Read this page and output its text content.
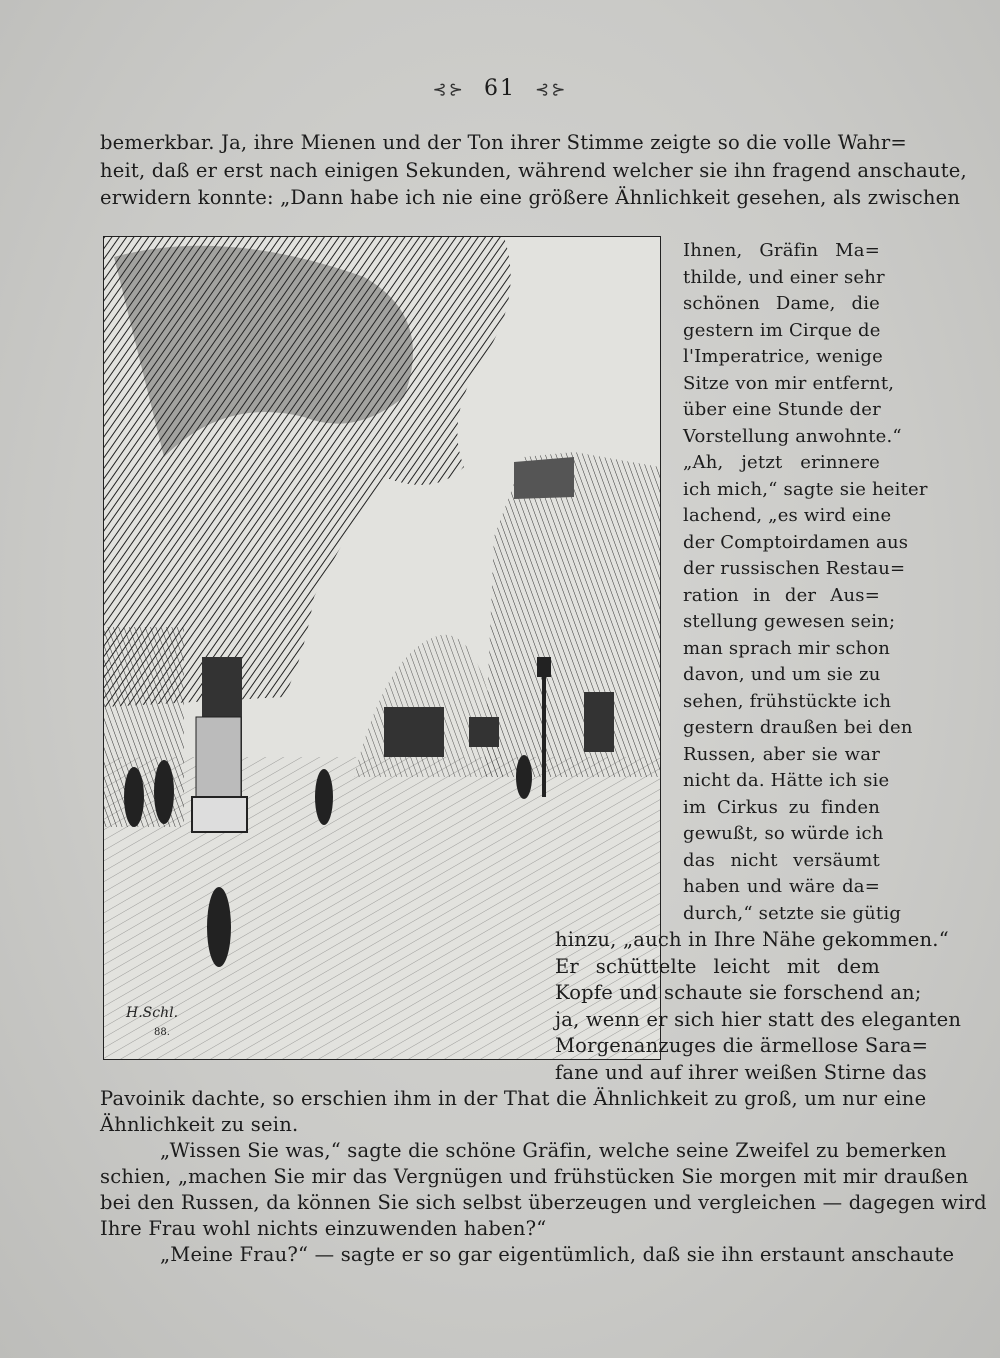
⊰⊱ 61 ⊰⊱
bemerkbar. Ja, ihre Mienen und der Ton ihrer Stimme zeigte so die volle Wahr=
heit, daß er erst nach einigen Sekunden, während welcher sie ihn fragend anschaute,
erwidern konnte: „Dann habe ich nie eine größere Ähnlichkeit gesehen, als zwischen
H.Schl.
88.
Ihnen, Gräfin Ma=
thilde, und einer sehr
schönen Dame, die
gestern im Cirque de
l'Imperatrice, wenige
Sitze von mir entfernt,
über eine Stunde der
Vorstellung anwohnte.“
„Ah, jetzt erinnere
ich mich,“ sagte sie heiter
lachend, „es wird eine
der Comptoirdamen aus
der russischen Restau=
ration in der Aus=
stellung gewesen sein;
man sprach mir schon
davon, und um sie zu
sehen, frühstückte ich
gestern draußen bei den
Russen, aber sie war
nicht da. Hätte ich sie
im Cirkus zu finden
gewußt, so würde ich
das nicht versäumt
haben und wäre da=
durch,“ setzte sie gütig
hinzu, „auch in Ihre Nähe gekommen.“
Er schüttelte leicht mit dem
Kopfe und schaute sie forschend an;
ja, wenn er sich hier statt des eleganten
Morgenanzuges die ärmellose Sara=
fane und auf ihrer weißen Stirne das
Pavoinik dachte, so erschien ihm in der That die Ähnlichkeit zu groß, um nur eine
Ähnlichkeit zu sein.
„Wissen Sie was,“ sagte die schöne Gräfin, welche seine Zweifel zu bemerken
schien, „machen Sie mir das Vergnügen und frühstücken Sie morgen mit mir draußen
bei den Russen, da können Sie sich selbst überzeugen und vergleichen — dagegen wird
Ihre Frau wohl nichts einzuwenden haben?“
„Meine Frau?“ — sagte er so gar eigentümlich, daß sie ihn erstaunt anschaute
